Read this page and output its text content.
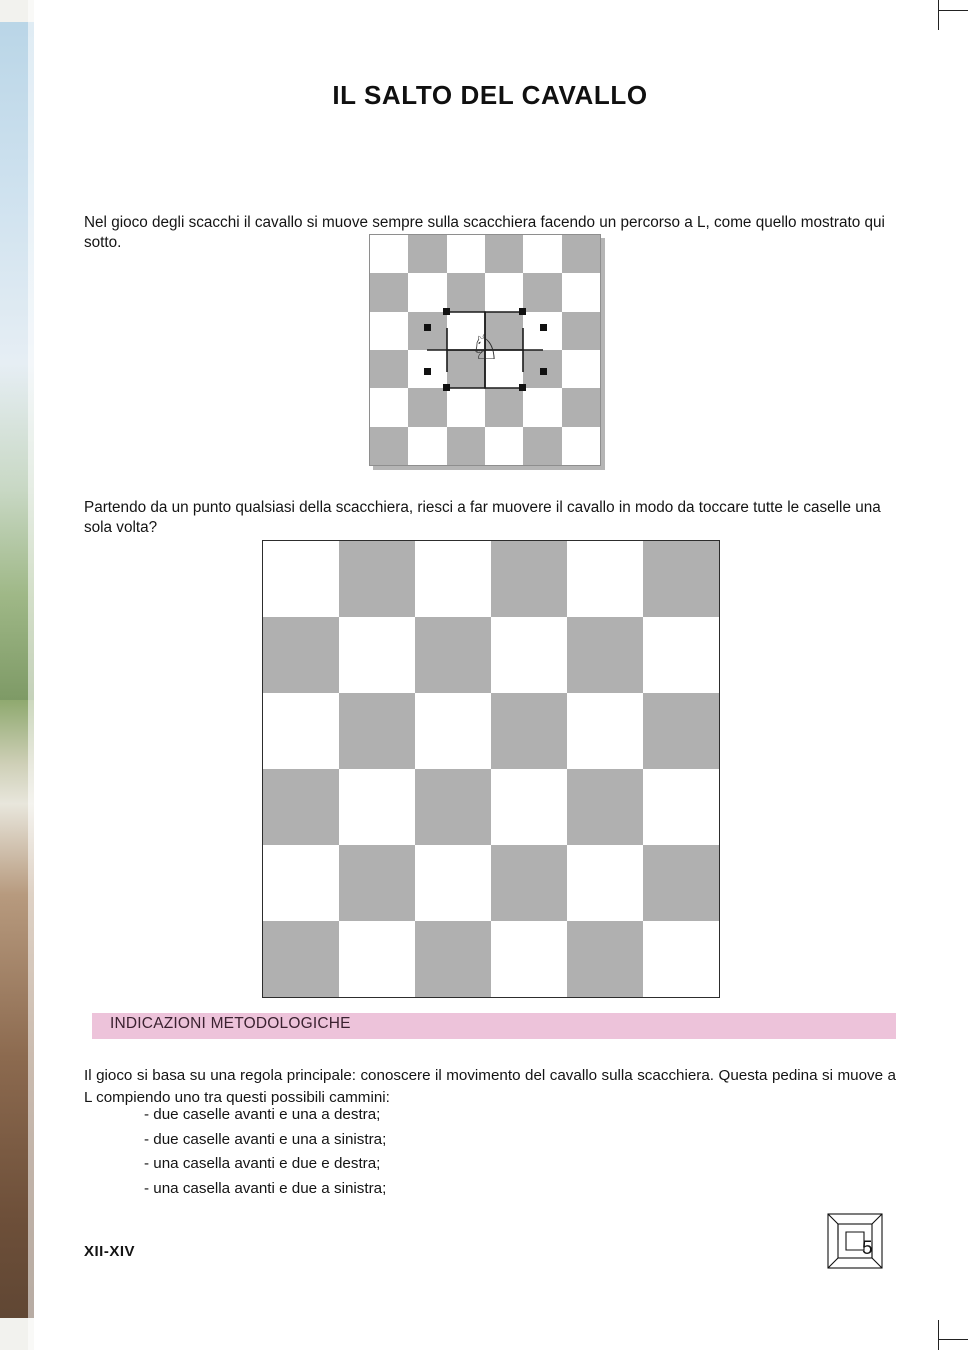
IL SALTO DEL CAVALLO

Nel gioco degli scacchi il cavallo si muove sempre sulla scacchiera facendo un percorso a L, come quello mostrato qui sotto.

♘

Partendo da un punto qualsiasi della scacchiera, riesci a far muovere il cavallo in modo da toccare tutte le caselle una sola volta?

INDICAZIONI METODOLOGICHE

Il gioco si basa su una regola principale: conoscere il movimento del cavallo sulla scacchiera. Questa pedina si muove a L compiendo uno tra questi possibili cammini:

- due caselle avanti e una a destra;
- due caselle avanti e una a sinistra;
- una casella avanti e due e destra;
- una casella avanti e due a sinistra;
XII-XIV	5
